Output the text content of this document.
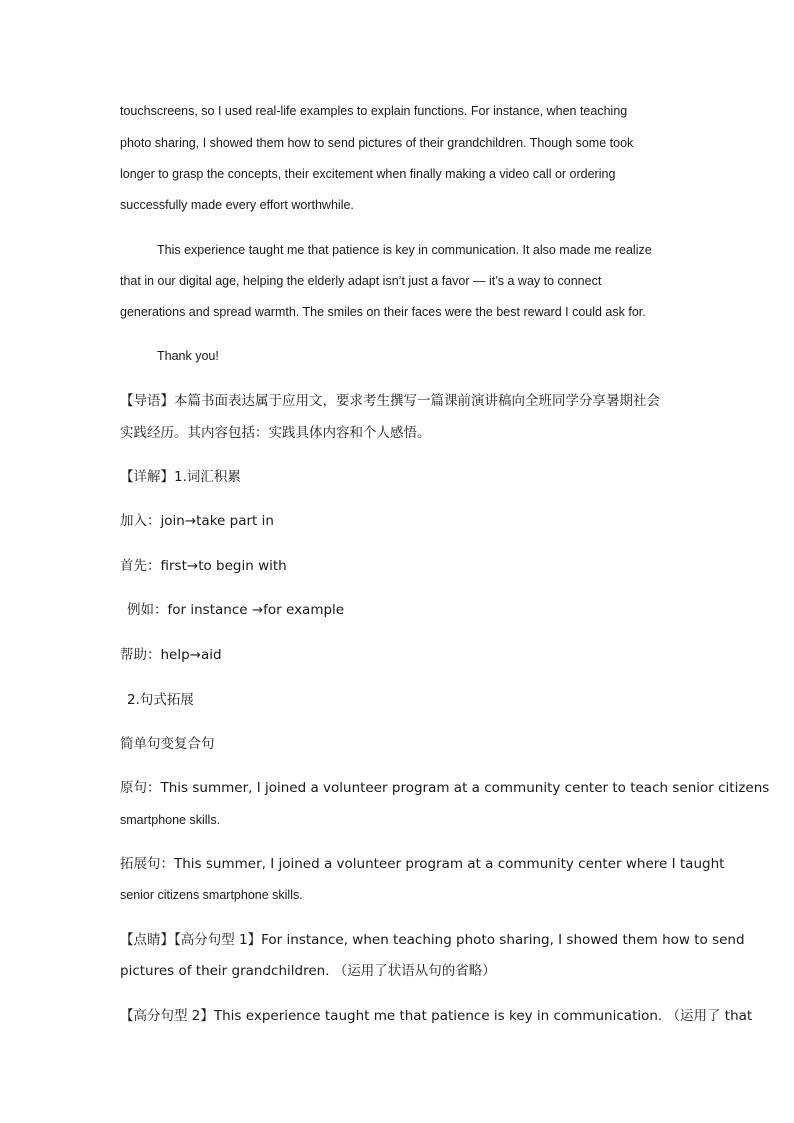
touchscreens, so I used real-life examples to explain functions. For instance, when teaching
photo sharing, I showed them how to send pictures of their grandchildren. Though some took
longer to grasp the concepts, their excitement when finally making a video call or ordering
successfully made every effort worthwhile.
This experience taught me that patience is key in communication. It also made me realize
that in our digital age, helping the elderly adapt isn’t just a favor — it’s a way to connect
generations and spread warmth. The smiles on their faces were the best reward I could ask for.
Thank you!
【导语】本篇书面表达属于应用文，要求考生撰写一篇课前演讲稿向全班同学分享暑期社会
实践经历。其内容包括：实践具体内容和个人感悟。
【详解】1.词汇积累
加入：join→take part in
首先：first→to begin with
例如：for instance →for example
帮助：help→aid
2.句式拓展
简单句变复合句
原句：This summer, I joined a volunteer program at a community center to teach senior citizens
smartphone skills.
拓展句：This summer, I joined a volunteer program at a community center where I taught
senior citizens smartphone skills.
【点睛】【高分句型 1】For instance, when teaching photo sharing, I showed them how to send
pictures of their grandchildren. （运用了状语从句的省略）
【高分句型 2】This experience taught me that patience is key in communication. （运用了 that
